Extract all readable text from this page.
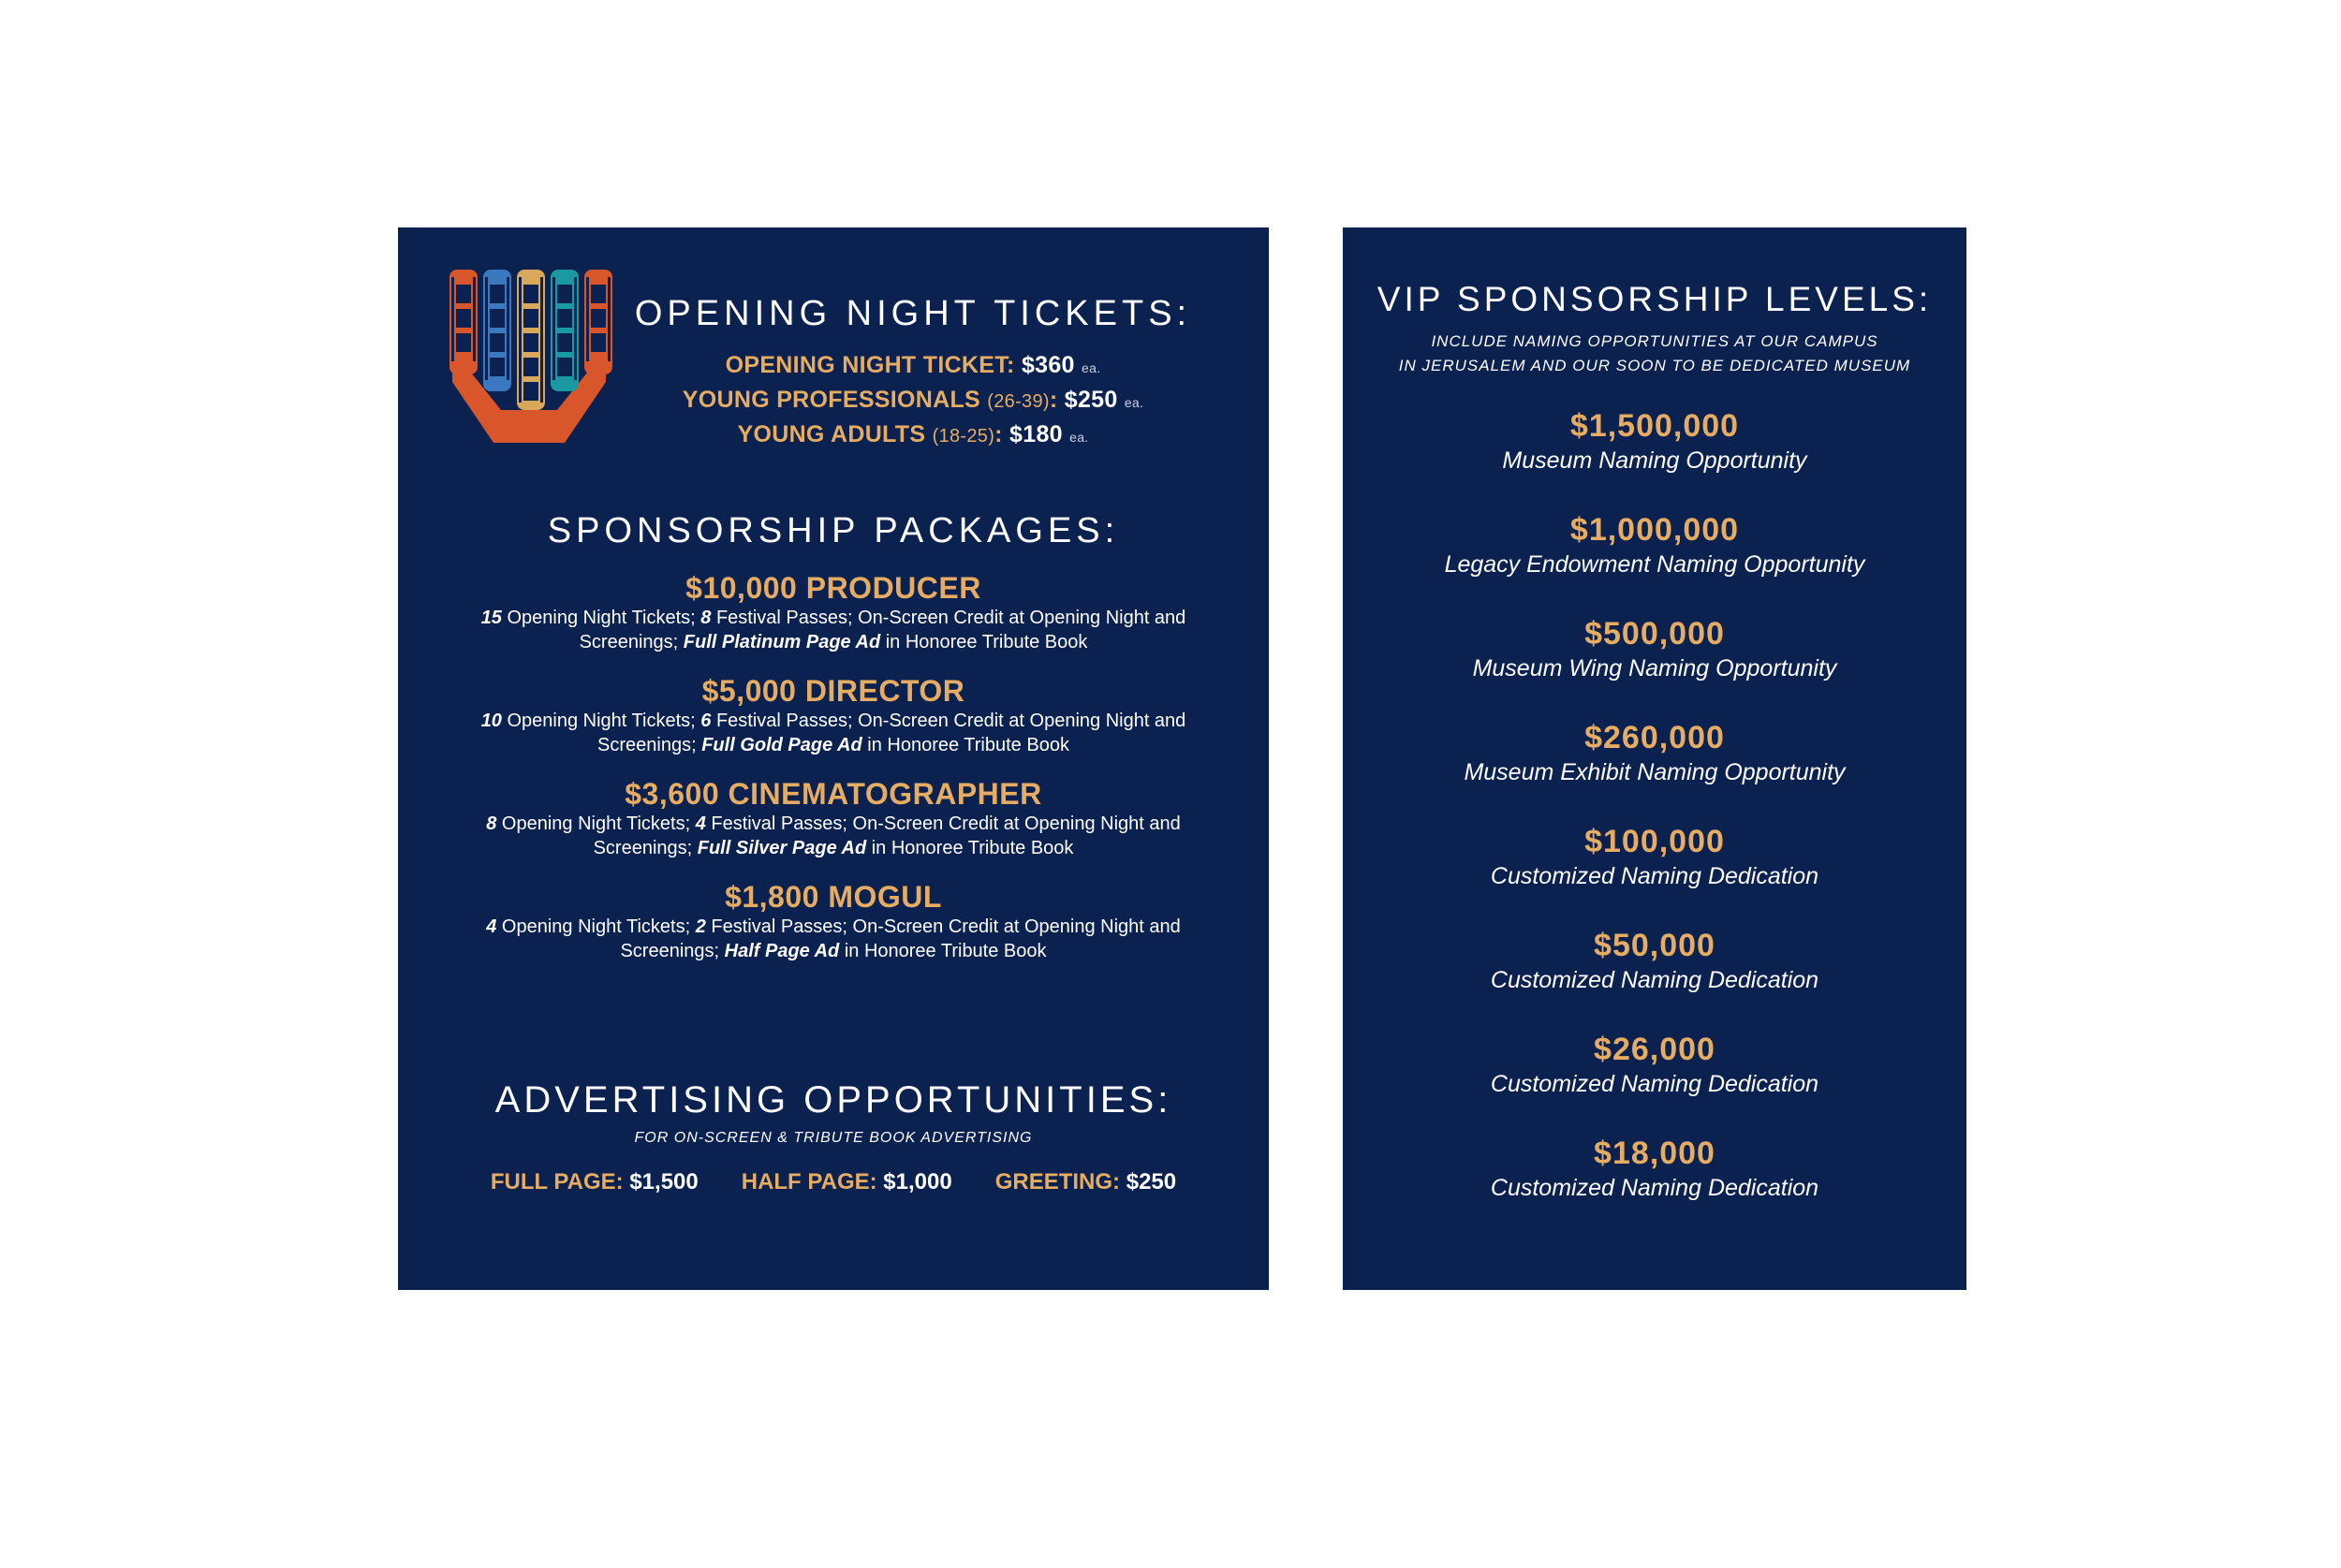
OPENING NIGHT TICKETS:
OPENING NIGHT TICKET: $360 ea.
YOUNG PROFESSIONALS (26-39): $250 ea.
YOUNG ADULTS (18-25): $180 ea.
SPONSORSHIP PACKAGES:
$10,000 PRODUCER
15 Opening Night Tickets; 8 Festival Passes; On-Screen Credit at Opening Night and Screenings; Full Platinum Page Ad in Honoree Tribute Book
$5,000 DIRECTOR
10 Opening Night Tickets; 6 Festival Passes; On-Screen Credit at Opening Night and Screenings; Full Gold Page Ad in Honoree Tribute Book
$3,600 CINEMATOGRAPHER
8 Opening Night Tickets; 4 Festival Passes; On-Screen Credit at Opening Night and Screenings; Full Silver Page Ad in Honoree Tribute Book
$1,800 MOGUL
4 Opening Night Tickets; 2 Festival Passes; On-Screen Credit at Opening Night and Screenings; Half Page Ad in Honoree Tribute Book
ADVERTISING OPPORTUNITIES:
FOR ON-SCREEN & TRIBUTE BOOK ADVERTISING
FULL PAGE: $1,500 HALF PAGE: $1,000 GREETING: $250
VIP SPONSORSHIP LEVELS:
INCLUDE NAMING OPPORTUNITIES AT OUR CAMPUS
IN JERUSALEM AND OUR SOON TO BE DEDICATED MUSEUM
$1,500,000
Museum Naming Opportunity
$1,000,000
Legacy Endowment Naming Opportunity
$500,000
Museum Wing Naming Opportunity
$260,000
Museum Exhibit Naming Opportunity
$100,000
Customized Naming Dedication
$50,000
Customized Naming Dedication
$26,000
Customized Naming Dedication
$18,000
Customized Naming Dedication
